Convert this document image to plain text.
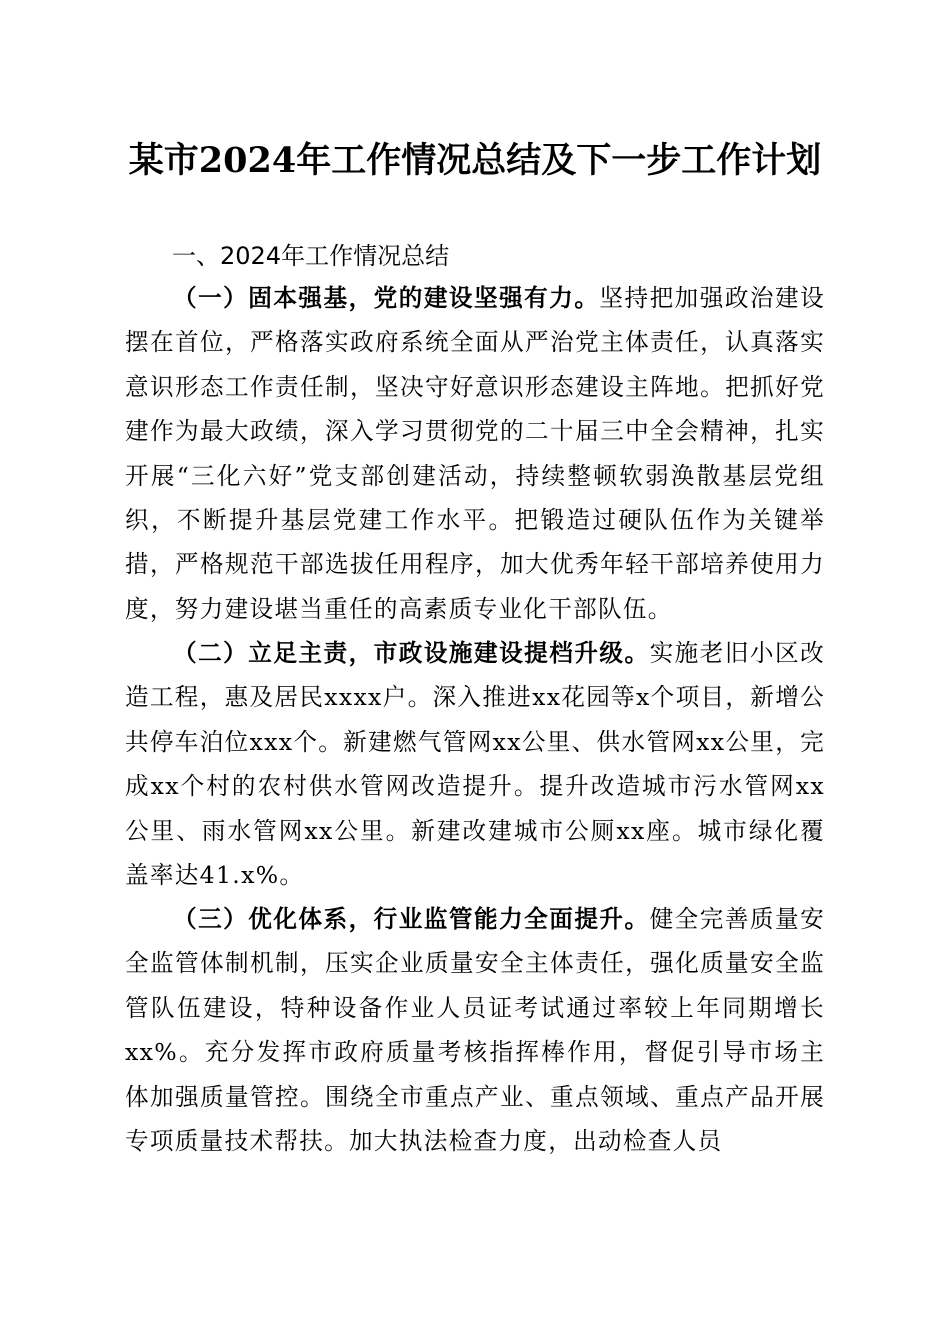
某市2024年工作情况总结及下一步工作计划
一、2024年工作情况总结

（一）固本强基，党的建设坚强有力。坚持把加强政治建设摆在首位，严格落实政府系统全面从严治党主体责任，认真落实意识形态工作责任制，坚决守好意识形态建设主阵地。把抓好党建作为最大政绩，深入学习贯彻党的二十届三中全会精神，扎实开展“三化六好”党支部创建活动，持续整顿软弱涣散基层党组织，不断提升基层党建工作水平。把锻造过硬队伍作为关键举措，严格规范干部选拔任用程序，加大优秀年轻干部培养使用力度，努力建设堪当重任的高素质专业化干部队伍。

（二）立足主责，市政设施建设提档升级。实施老旧小区改造工程，惠及居民xxxx户。深入推进xx花园等x个项目，新增公共停车泊位xxx个。新建燃气管网xx公里、供水管网xx公里，完成xx个村的农村供水管网改造提升。提升改造城市污水管网xx公里、雨水管网xx公里。新建改建城市公厕xx座。城市绿化覆盖率达41.x%。

（三）优化体系，行业监管能力全面提升。健全完善质量安全监管体制机制，压实企业质量安全主体责任，强化质量安全监管队伍建设，特种设备作业人员证考试通过率较上年同期增长xx%。充分发挥市政府质量考核指挥棒作用，督促引导市场主体加强质量管控。围绕全市重点产业、重点领域、重点产品开展专项质量技术帮扶。加大执法检查力度，出动检查人员
